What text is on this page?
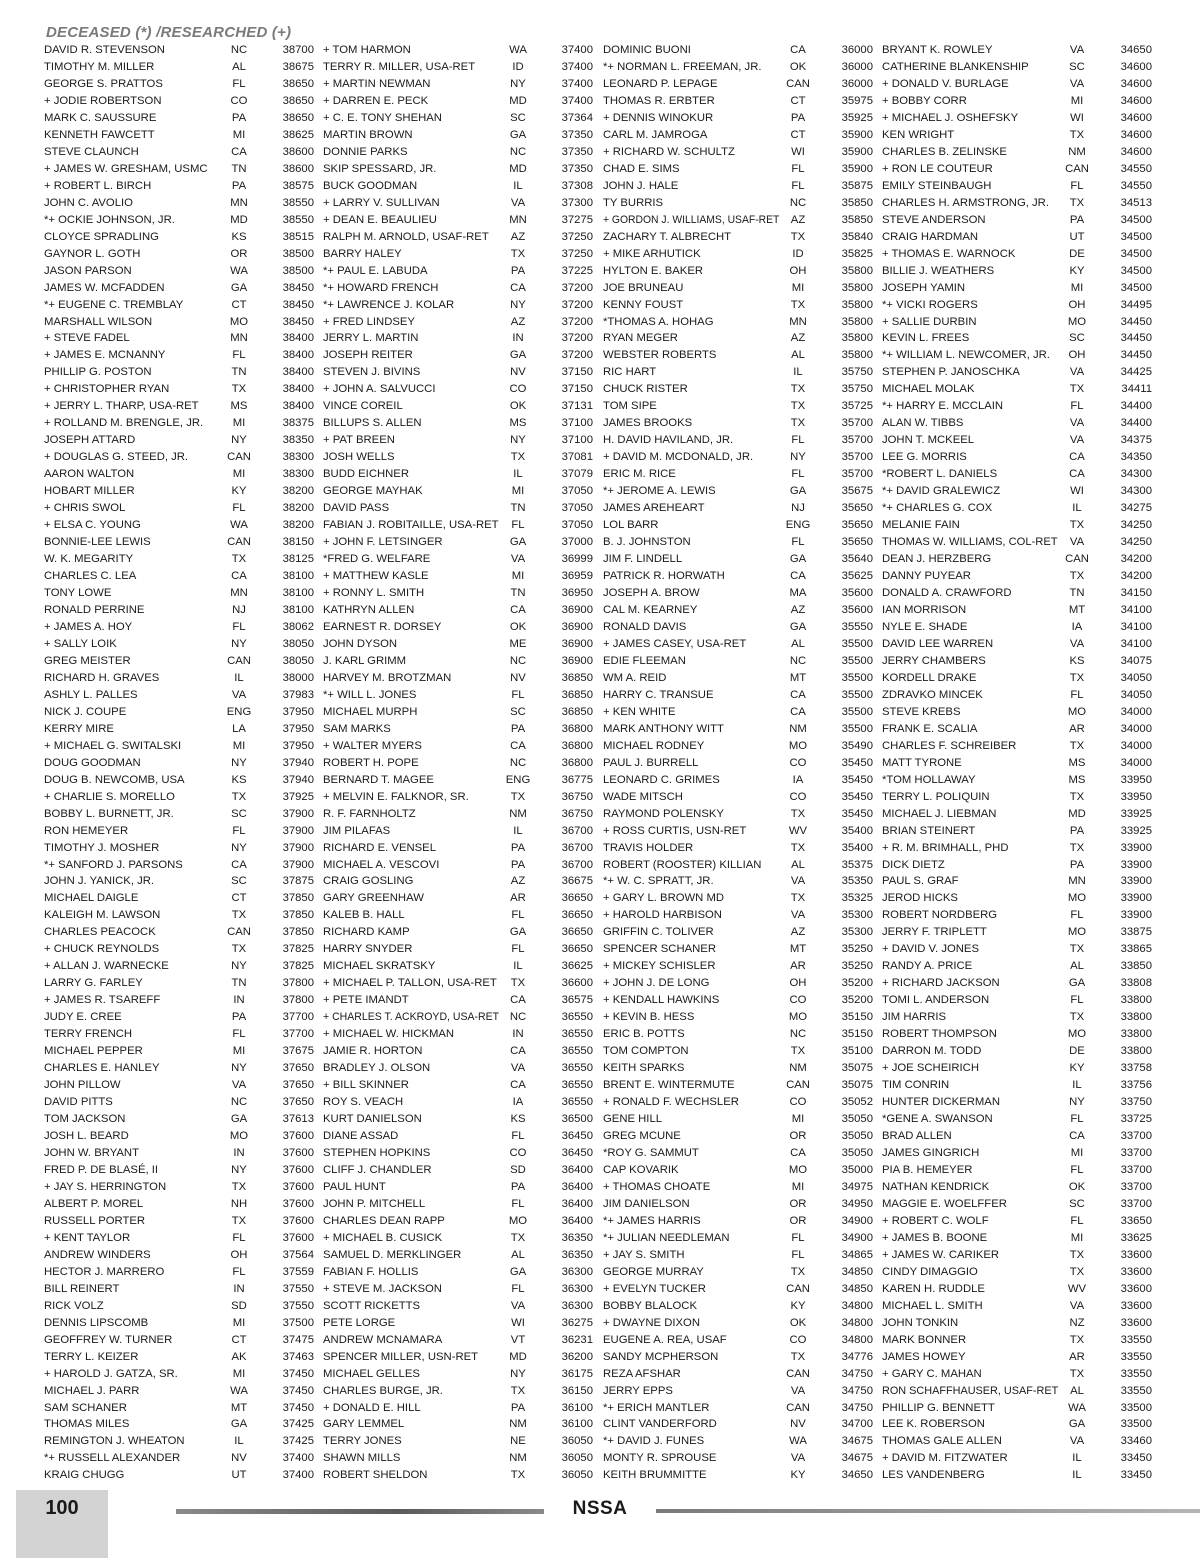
DECEASED (*) /RESEARCHED (+)
DAVID R. STEVENSON	NC	38700
TIMOTHY M. MILLER	AL	38675
GEORGE S. PRATTOS	FL	38650
+ JODIE ROBERTSON	CO	38650
MARK C. SAUSSURE	PA	38650
KENNETH FAWCETT	MI	38625
STEVE CLAUNCH	CA	38600
+ JAMES W. GRESHAM, USMC	TN	38600
+ ROBERT L. BIRCH	PA	38575
JOHN C. AVOLIO	MN	38550
*+ OCKIE JOHNSON, JR.	MD	38550
CLOYCE SPRADLING	KS	38515
GAYNOR L. GOTH	OR	38500
JASON PARSON	WA	38500
JAMES W. MCFADDEN	GA	38450
*+ EUGENE C. TREMBLAY	CT	38450
MARSHALL WILSON	MO	38450
+ STEVE FADEL	MN	38400
+ JAMES E. MCNANNY	FL	38400
PHILLIP G. POSTON	TN	38400
+ CHRISTOPHER RYAN	TX	38400
+ JERRY L. THARP, USA-RET	MS	38400
+ ROLLAND M. BRENGLE, JR.	MI	38375
JOSEPH ATTARD	NY	38350
+ DOUGLAS G. STEED, JR.	CAN	38300
AARON WALTON	MI	38300
HOBART MILLER	KY	38200
+ CHRIS SWOL	FL	38200
+ ELSA C. YOUNG	WA	38200
BONNIE-LEE LEWIS	CAN	38150
W. K. MEGARITY	TX	38125
CHARLES C. LEA	CA	38100
TONY LOWE	MN	38100
RONALD PERRINE	NJ	38100
+ JAMES A. HOY	FL	38062
+ SALLY LOIK	NY	38050
GREG MEISTER	CAN	38050
RICHARD H. GRAVES	IL	38000
ASHLY L. PALLES	VA	37983
NICK J. COUPE	ENG	37950
KERRY MIRE	LA	37950
+ MICHAEL G. SWITALSKI	MI	37950
DOUG GOODMAN	NY	37940
DOUG B. NEWCOMB, USA	KS	37940
+ CHARLIE S. MORELLO	TX	37925
BOBBY L. BURNETT, JR.	SC	37900
RON HEMEYER	FL	37900
TIMOTHY J. MOSHER	NY	37900
*+ SANFORD J. PARSONS	CA	37900
JOHN J. YANICK, JR.	SC	37875
MICHAEL DAIGLE	CT	37850
KALEIGH M. LAWSON	TX	37850
CHARLES PEACOCK	CAN	37850
+ CHUCK REYNOLDS	TX	37825
+ ALLAN J. WARNECKE	NY	37825
LARRY G. FARLEY	TN	37800
+ JAMES R. TSAREFF	IN	37800
JUDY E. CREE	PA	37700
TERRY FRENCH	FL	37700
MICHAEL PEPPER	MI	37675
CHARLES E. HANLEY	NY	37650
JOHN PILLOW	VA	37650
DAVID PITTS	NC	37650
TOM JACKSON	GA	37613
JOSH L. BEARD	MO	37600
JOHN W. BRYANT	IN	37600
FRED P. DE BLASÉ, II	NY	37600
+ JAY S. HERRINGTON	TX	37600
ALBERT P. MOREL	NH	37600
RUSSELL PORTER	TX	37600
+ KENT TAYLOR	FL	37600
ANDREW WINDERS	OH	37564
HECTOR J. MARRERO	FL	37559
BILL REINERT	IN	37550
RICK VOLZ	SD	37550
DENNIS LIPSCOMB	MI	37500
GEOFFREY W. TURNER	CT	37475
TERRY L. KEIZER	AK	37463
+ HAROLD J. GATZA, SR.	MI	37450
MICHAEL J. PARR	WA	37450
SAM SCHANER	MT	37450
THOMAS MILES	GA	37425
REMINGTON J. WHEATON	IL	37425
*+ RUSSELL ALEXANDER	NV	37400
KRAIG CHUGG	UT	37400
+ TOM HARMON	WA	37400
TERRY R. MILLER, USA-RET	ID	37400
+ MARTIN NEWMAN	NY	37400
+ DARREN E. PECK	MD	37400
+ C. E. TONY SHEHAN	SC	37364
MARTIN BROWN	GA	37350
DONNIE PARKS	NC	37350
SKIP SPESSARD, JR.	MD	37350
BUCK GOODMAN	IL	37308
+ LARRY V. SULLIVAN	VA	37300
+ DEAN E. BEAULIEU	MN	37275
RALPH M. ARNOLD, USAF-RET	AZ	37250
BARRY HALEY	TX	37250
*+ PAUL E. LABUDA	PA	37225
*+ HOWARD FRENCH	CA	37200
*+ LAWRENCE J. KOLAR	NY	37200
+ FRED LINDSEY	AZ	37200
JERRY L. MARTIN	IN	37200
JOSEPH REITER	GA	37200
STEVEN J. BIVINS	NV	37150
+ JOHN A. SALVUCCI	CO	37150
VINCE COREIL	OK	37131
BILLUPS S. ALLEN	MS	37100
+ PAT BREEN	NY	37100
JOSH WELLS	TX	37081
BUDD EICHNER	IL	37079
GEORGE MAYHAK	MI	37050
DAVID PASS	TN	37050
FABIAN J. ROBITAILLE, USA-RET	FL	37050
+ JOHN F. LETSINGER	GA	37000
*FRED G. WELFARE	VA	36999
+ MATTHEW KASLE	MI	36959
+ RONNY L. SMITH	TN	36950
KATHRYN ALLEN	CA	36900
EARNEST R. DORSEY	OK	36900
JOHN DYSON	ME	36900
J. KARL GRIMM	NC	36900
HARVEY M. BROTZMAN	NV	36850
*+ WILL L. JONES	FL	36850
MICHAEL MURPH	SC	36850
SAM MARKS	PA	36800
+ WALTER MYERS	CA	36800
ROBERT H. POPE	NC	36800
BERNARD T. MAGEE	ENG	36775
+ MELVIN E. FALKNOR, SR.	TX	36750
R. F. FARNHOLTZ	NM	36750
JIM PILAFAS	IL	36700
RICHARD E. VENSEL	PA	36700
MICHAEL A. VESCOVI	PA	36700
CRAIG GOSLING	AZ	36675
GARY GREENHAW	AR	36650
KALEB B. HALL	FL	36650
RICHARD KAMP	GA	36650
HARRY SNYDER	FL	36650
MICHAEL SKRATSKY	IL	36625
+ MICHAEL P. TALLON, USA-RET	TX	36600
+ PETE IMANDT	CA	36575
+ CHARLES T. ACKROYD, USA-RET NC	36550
+ MICHAEL W. HICKMAN	IN	36550
JAMIE R. HORTON	CA	36550
BRADLEY J. OLSON	VA	36550
+ BILL SKINNER	CA	36550
ROY S. VEACH	IA	36550
KURT DANIELSON	KS	36500
DIANE ASSAD	FL	36450
STEPHEN HOPKINS	CO	36450
CLIFF J. CHANDLER	SD	36400
PAUL HUNT	PA	36400
JOHN P. MITCHELL	FL	36400
CHARLES DEAN RAPP	MO	36400
+ MICHAEL B. CUSICK	TX	36350
SAMUEL D. MERKLINGER	AL	36350
FABIAN F. HOLLIS	GA	36300
+ STEVE M. JACKSON	FL	36300
SCOTT RICKETTS	VA	36300
PETE LORGE	WI	36275
ANDREW MCNAMARA	VT	36231
SPENCER MILLER, USN-RET	MD	36200
MICHAEL GELLES	NY	36175
CHARLES BURGE, JR.	TX	36150
+ DONALD E. HILL	PA	36100
GARY LEMMEL	NM	36100
TERRY JONES	NE	36050
SHAWN MILLS	NM	36050
ROBERT SHELDON	TX	36050
DOMINIC BUONI	CA	36000
*+ NORMAN L. FREEMAN, JR.	OK	36000
LEONARD P. LEPAGE	CAN	36000
THOMAS R. ERBTER	CT	35975
+ DENNIS WINOKUR	PA	35925
CARL M. JAMROGA	CT	35900
+ RICHARD W. SCHULTZ	WI	35900
CHAD E. SIMS	FL	35900
JOHN J. HALE	FL	35875
TY BURRIS	NC	35850
+ GORDON J. WILLIAMS, USAF-RET	AZ	35850
ZACHARY T. ALBRECHT	TX	35840
+ MIKE ARHUTICK	ID	35825
HYLTON E. BAKER	OH	35800
JOE BRUNEAU	MI	35800
KENNY FOUST	TX	35800
*THOMAS A. HOHAG	MN	35800
RYAN MEGER	AZ	35800
WEBSTER ROBERTS	AL	35800
RIC HART	IL	35750
CHUCK RISTER	TX	35750
TOM SIPE	TX	35725
JAMES BROOKS	TX	35700
H. DAVID HAVILAND, JR.	FL	35700
+ DAVID M. MCDONALD, JR.	NY	35700
ERIC M. RICE	FL	35700
*+ JEROME A. LEWIS	GA	35675
JAMES AREHEART	NJ	35650
LOL BARR	ENG	35650
B. J. JOHNSTON	FL	35650
JIM F. LINDELL	GA	35640
PATRICK R. HORWATH	CA	35625
JOSEPH A. BROW	MA	35600
CAL M. KEARNEY	AZ	35600
RONALD DAVIS	GA	35550
+ JAMES CASEY, USA-RET	AL	35500
EDIE FLEEMAN	NC	35500
WM A. REID	MT	35500
HARRY C. TRANSUE	CA	35500
+ KEN WHITE	CA	35500
MARK ANTHONY WITT	NM	35500
MICHAEL RODNEY	MO	35490
PAUL J. BURRELL	CO	35450
LEONARD C. GRIMES	IA	35450
WADE MITSCH	CO	35450
RAYMOND POLENSKY	TX	35450
+ ROSS CURTIS, USN-RET	WV	35400
TRAVIS HOLDER	TX	35400
ROBERT (ROOSTER) KILLIAN	AL	35375
*+ W. C. SPRATT, JR.	VA	35350
+ GARY L. BROWN MD	TX	35325
+ HAROLD HARBISON	VA	35300
GRIFFIN C. TOLIVER	AZ	35300
SPENCER SCHANER	MT	35250
+ MICKEY SCHISLER	AR	35250
+ JOHN J. DE LONG	OH	35200
+ KENDALL HAWKINS	CO	35200
+ KEVIN B. HESS	MO	35150
ERIC B. POTTS	NC	35150
TOM COMPTON	TX	35100
KEITH SPARKS	NM	35075
BRENT E. WINTERMUTE	CAN	35075
+ RONALD F. WECHSLER	CO	35052
GENE HILL	MI	35050
GREG MCUNE	OR	35050
*ROY G. SAMMUT	CA	35050
CAP KOVARIK	MO	35000
+ THOMAS CHOATE	MI	34975
JIM DANIELSON	OR	34950
*+ JAMES HARRIS	OR	34900
*+ JULIAN NEEDLEMAN	FL	34900
+ JAY S. SMITH	FL	34865
GEORGE MURRAY	TX	34850
+ EVELYN TUCKER	CAN	34850
BOBBY BLALOCK	KY	34800
+ DWAYNE DIXON	OK	34800
EUGENE A. REA, USAF	CO	34800
SANDY MCPHERSON	TX	34776
REZA AFSHAR	CAN	34750
JERRY EPPS	VA	34750
*+ ERICH MANTLER	CAN	34750
CLINT VANDERFORD	NV	34700
*+ DAVID J. FUNES	WA	34675
MONTY R. SPROUSE	VA	34675
KEITH BRUMMITTE	KY	34650
BRYANT K. ROWLEY	VA	34650
CATHERINE BLANKENSHIP	SC	34600
+ DONALD V. BURLAGE	VA	34600
+ BOBBY CORR	MI	34600
+ MICHAEL J. OSHEFSKY	WI	34600
KEN WRIGHT	TX	34600
CHARLES B. ZELINSKE	NM	34600
+ RON LE COUTEUR	CAN	34550
EMILY STEINBAUGH	FL	34550
CHARLES H. ARMSTRONG, JR.	TX	34513
STEVE ANDERSON	PA	34500
CRAIG HARDMAN	UT	34500
+ THOMAS E. WARNOCK	DE	34500
BILLIE J. WEATHERS	KY	34500
JOSEPH YAMIN	MI	34500
*+ VICKI ROGERS	OH	34495
+ SALLIE DURBIN	MO	34450
KEVIN L. FREES	SC	34450
*+ WILLIAM L. NEWCOMER, JR.	OH	34450
STEPHEN P. JANOSCHKA	VA	34425
MICHAEL MOLAK	TX	34411
*+ HARRY E. MCCLAIN	FL	34400
ALAN W. TIBBS	VA	34400
JOHN T. MCKEEL	VA	34375
LEE G. MORRIS	CA	34350
*ROBERT L. DANIELS	CA	34300
*+ DAVID GRALEWICZ	WI	34300
*+ CHARLES G. COX	IL	34275
MELANIE FAIN	TX	34250
THOMAS W. WILLIAMS, COL-RET	VA	34250
DEAN J. HERZBERG	CAN	34200
DANNY PUYEAR	TX	34200
DONALD A. CRAWFORD	TN	34150
IAN MORRISON	MT	34100
NYLE E. SHADE	IA	34100
DAVID LEE WARREN	VA	34100
JERRY CHAMBERS	KS	34075
KORDELL DRAKE	TX	34050
ZDRAVKO MINCEK	FL	34050
STEVE KREBS	MO	34000
FRANK E. SCALIA	AR	34000
CHARLES F. SCHREIBER	TX	34000
MATT TYRONE	MS	34000
*TOM HOLLAWAY	MS	33950
TERRY L. POLIQUIN	TX	33950
MICHAEL J. LIEBMAN	MD	33925
BRIAN STEINERT	PA	33925
+ R. M. BRIMHALL, PHD	TX	33900
DICK DIETZ	PA	33900
PAUL S. GRAF	MN	33900
JEROD HICKS	MO	33900
ROBERT NORDBERG	FL	33900
JERRY F. TRIPLETT	MO	33875
+ DAVID V. JONES	TX	33865
RANDY A. PRICE	AL	33850
+ RICHARD JACKSON	GA	33808
TOMI L. ANDERSON	FL	33800
JIM HARRIS	TX	33800
ROBERT THOMPSON	MO	33800
DARRON M. TODD	DE	33800
+ JOE SCHEIRICH	KY	33758
TIM CONRIN	IL	33756
HUNTER DICKERMAN	NY	33750
*GENE A. SWANSON	FL	33725
BRAD ALLEN	CA	33700
JAMES GINGRICH	MI	33700
PIA B. HEMEYER	FL	33700
NATHAN KENDRICK	OK	33700
MAGGIE E. WOELFFER	SC	33700
+ ROBERT C. WOLF	FL	33650
+ JAMES B. BOONE	MI	33625
+ JAMES W. CARIKER	TX	33600
CINDY DIMAGGIO	TX	33600
KAREN H. RUDDLE	WV	33600
MICHAEL L. SMITH	VA	33600
JOHN TONKIN	NZ	33600
MARK BONNER	TX	33550
JAMES HOWEY	AR	33550
+ GARY C. MAHAN	TX	33550
RON SCHAFFHAUSER, USAF-RET	AL	33550
PHILLIP G. BENNETT	WA	33500
LEE K. ROBERSON	GA	33500
THOMAS GALE ALLEN	VA	33460
+ DAVID M. FITZWATER	IL	33450
LES VANDENBERG	IL	33450
100	NSSA
